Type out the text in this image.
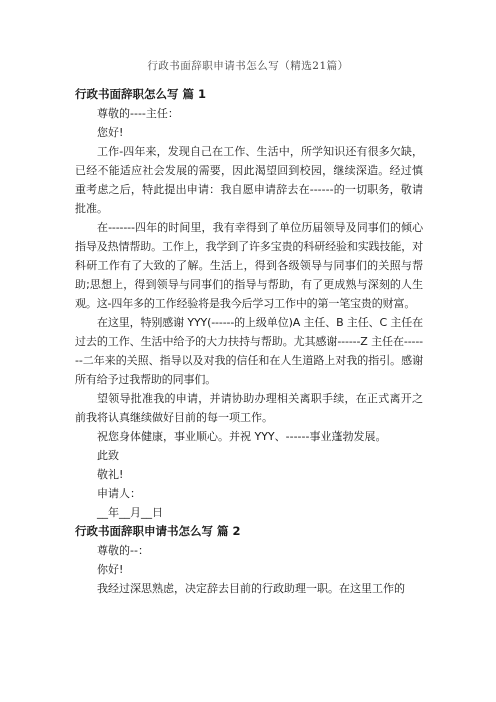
行政书面辞职申请书怎么写（精选21篇）

行政书面辞职怎么写 篇 1

尊敬的----主任：

您好!

工作-四年来，发现自己在工作、生活中，所学知识还有很多欠缺，已经不能适应社会发展的需要，因此渴望回到校园，继续深造。经过慎重考虑之后，特此提出申请：我自愿申请辞去在------的一切职务，敬请批准。

在-------四年的时间里，我有幸得到了单位历届领导及同事们的倾心指导及热情帮助。工作上，我学到了许多宝贵的科研经验和实践技能，对科研工作有了大致的了解。生活上，得到各级领导与同事们的关照与帮助;思想上，得到领导与同事们的指导与帮助，有了更成熟与深刻的人生观。这-四年多的工作经验将是我今后学习工作中的第一笔宝贵的财富。

在这里，特别感谢 YYY(------的上级单位)A 主任、B 主任、C 主任在过去的工作、生活中给予的大力扶持与帮助。尤其感谢------Z 主任在-------二年来的关照、指导以及对我的信任和在人生道路上对我的指引。感谢所有给予过我帮助的同事们。

望领导批准我的申请，并请协助办理相关离职手续，在正式离开之前我将认真继续做好目前的每一项工作。

祝您身体健康，事业顺心。并祝 YYY、------事业蓬勃发展。

此致

敬礼!

申请人：

__年__月__日

行政书面辞职申请书怎么写 篇 2

尊敬的--：

你好!

我经过深思熟虑，决定辞去目前的行政助理一职。在这里工作的
